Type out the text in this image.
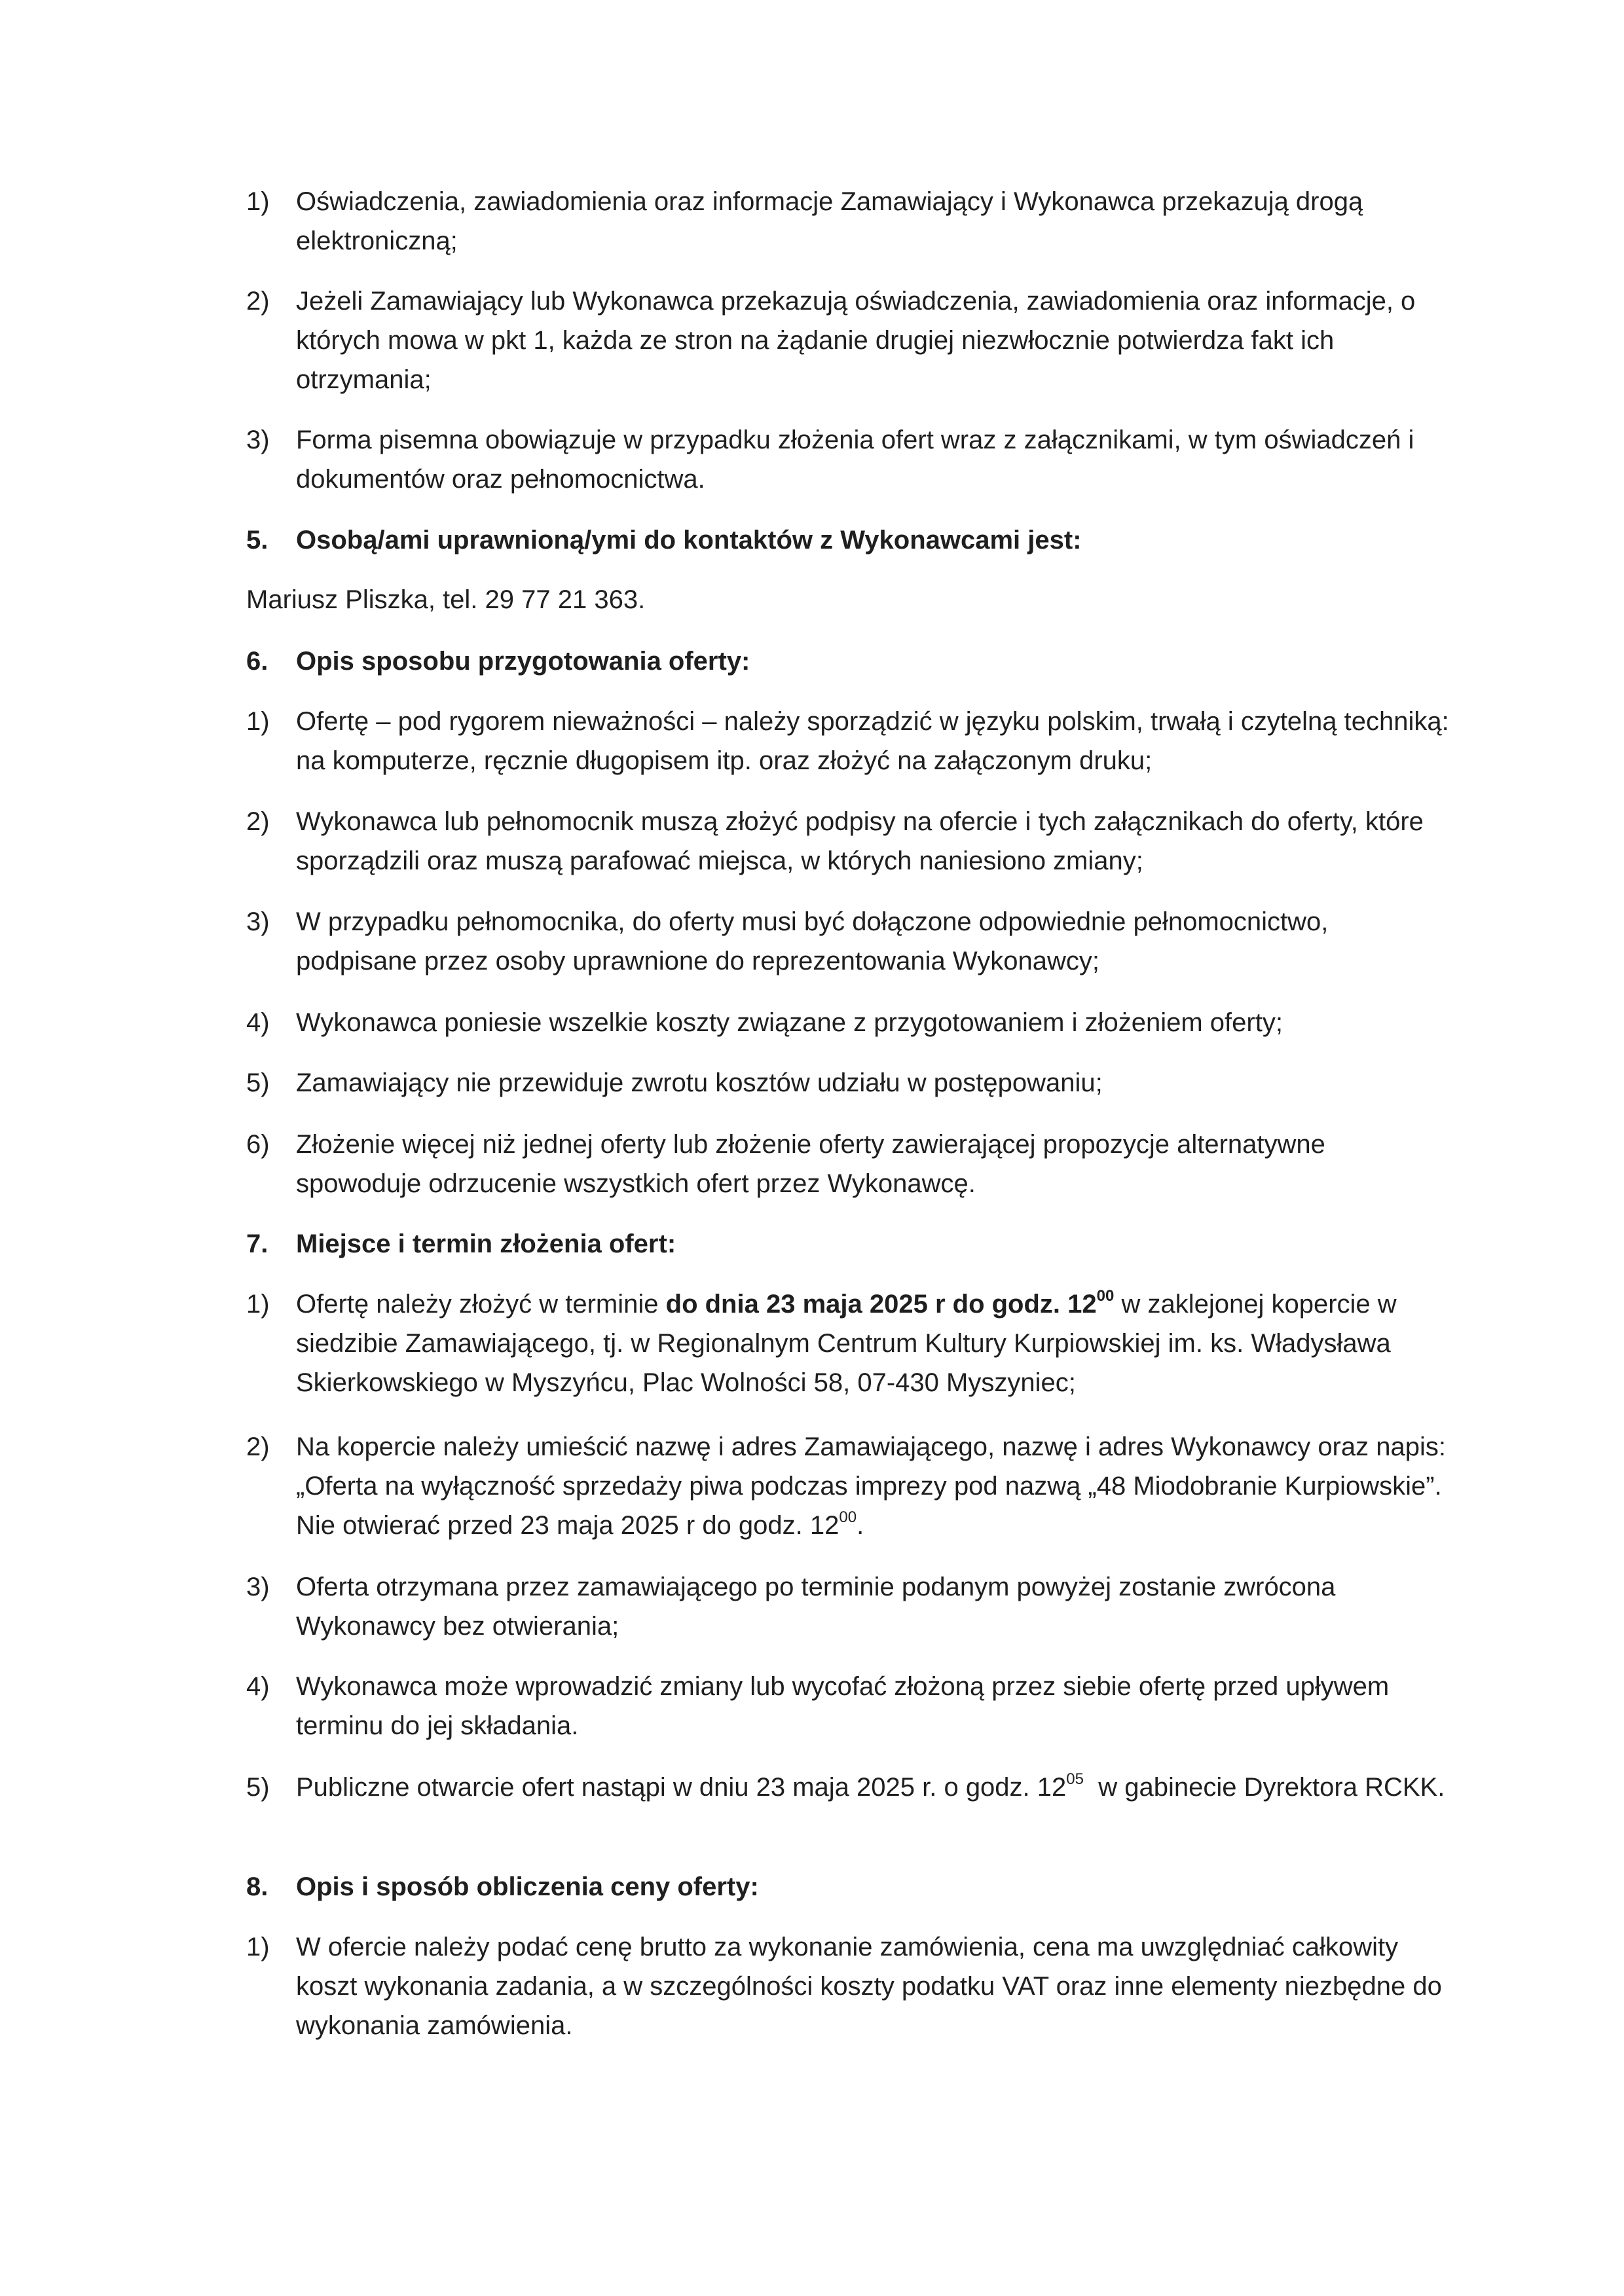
1) Oświadczenia, zawiadomienia oraz informacje Zamawiający i Wykonawca przekazują drogą elektroniczną;
2) Jeżeli Zamawiający lub Wykonawca przekazują oświadczenia, zawiadomienia oraz informacje, o których mowa w pkt 1, każda ze stron na żądanie drugiej niezwłocznie potwierdza fakt ich otrzymania;
3) Forma pisemna obowiązuje w przypadku złożenia ofert wraz z załącznikami, w tym oświadczeń i dokumentów oraz pełnomocnictwa.
5. Osobą/ami uprawnioną/ymi do kontaktów z Wykonawcami jest:
Mariusz Pliszka, tel. 29 77 21 363.
6. Opis sposobu przygotowania oferty:
1) Ofertę – pod rygorem nieważności – należy sporządzić w języku polskim, trwałą i czytelną techniką: na komputerze, ręcznie długopisem itp. oraz złożyć na załączonym druku;
2) Wykonawca lub pełnomocnik muszą złożyć podpisy na ofercie i tych załącznikach do oferty, które sporządzili oraz muszą parafować miejsca, w których naniesiono zmiany;
3) W przypadku pełnomocnika, do oferty musi być dołączone odpowiednie pełnomocnictwo, podpisane przez osoby uprawnione do reprezentowania Wykonawcy;
4) Wykonawca poniesie wszelkie koszty związane z przygotowaniem i złożeniem oferty;
5) Zamawiający nie przewiduje zwrotu kosztów udziału w postępowaniu;
6) Złożenie więcej niż jednej oferty lub złożenie oferty zawierającej propozycje alternatywne spowoduje odrzucenie wszystkich ofert przez Wykonawcę.
7. Miejsce i termin złożenia ofert:
1) Ofertę należy złożyć w terminie do dnia 23 maja 2025 r do godz. $12^{00}$ w zaklejonej kopercie w siedzibie Zamawiającego, tj. w Regionalnym Centrum Kultury Kurpiowskiej im. ks. Władysława Skierkowskiego w Myszyńcu, Plac Wolności 58, 07-430 Myszyniec;
2) Na kopercie należy umieścić nazwę i adres Zamawiającego, nazwę i adres Wykonawcy oraz napis: „Oferta na wyłączność sprzedaży piwa podczas imprezy pod nazwą „48 Miodobranie Kurpiowskie”. Nie otwierać przed 23 maja 2025 r do godz. $12^{00}$.
3) Oferta otrzymana przez zamawiającego po terminie podanym powyżej zostanie zwrócona Wykonawcy bez otwierania;
4) Wykonawca może wprowadzić zmiany lub wycofać złożoną przez siebie ofertę przed upływem terminu do jej składania.
5) Publiczne otwarcie ofert nastąpi w dniu 23 maja 2025 r. o godz. $12^{05}$  w gabinecie Dyrektora RCKK.
8. Opis i sposób obliczenia ceny oferty:
1) W ofercie należy podać cenę brutto za wykonanie zamówienia, cena ma uwzględniać całkowity koszt wykonania zadania, a w szczególności koszty podatku VAT oraz inne elementy niezbędne do wykonania zamówienia.
